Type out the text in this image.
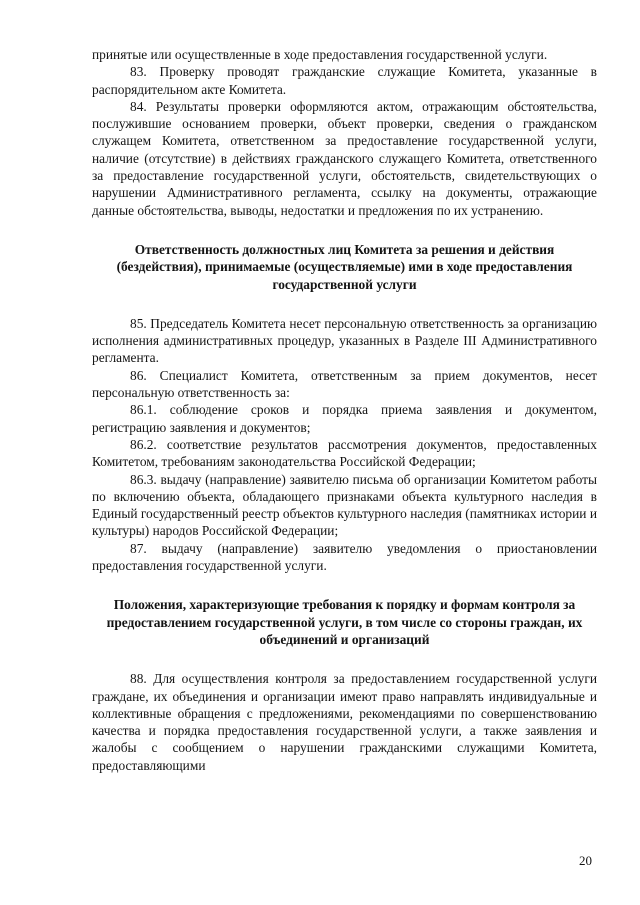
принятые или осуществленные в ходе предоставления государственной услуги.

83. Проверку проводят гражданские служащие Комитета, указанные в распорядительном акте Комитета.

84. Результаты проверки оформляются актом, отражающим обстоятельства, послужившие основанием проверки, объект проверки, сведения о гражданском служащем Комитета, ответственном за предоставление государственной услуги, наличие (отсутствие) в действиях гражданского служащего Комитета, ответственного за предоставление государственной услуги, обстоятельств, свидетельствующих о нарушении Административного регламента, ссылку на документы, отражающие данные обстоятельства, выводы, недостатки и предложения по их устранению.

Ответственность должностных лиц Комитета за решения и действия (бездействия), принимаемые (осуществляемые) ими в ходе предоставления государственной услуги

85. Председатель Комитета несет персональную ответственность за организацию исполнения административных процедур, указанных в Разделе III Административного регламента.

86. Специалист Комитета, ответственным за прием документов, несет персональную ответственность за:

86.1. соблюдение сроков и порядка приема заявления и документом, регистрацию заявления и документов;

86.2. соответствие результатов рассмотрения документов, предоставленных Комитетом, требованиям законодательства Российской Федерации;

86.3. выдачу (направление) заявителю письма об организации Комитетом работы по включению объекта, обладающего признаками объекта культурного наследия в Единый государственный реестр объектов культурного наследия (памятниках истории и культуры) народов Российской Федерации;

87. выдачу (направление) заявителю уведомления о приостановлении предоставления государственной услуги.

Положения, характеризующие требования к порядку и формам контроля за предоставлением государственной услуги, в том числе со стороны граждан, их объединений и организаций

88. Для осуществления контроля за предоставлением государственной услуги граждане, их объединения и организации имеют право направлять индивидуальные и коллективные обращения с предложениями, рекомендациями по совершенствованию качества и порядка предоставления государственной услуги, а также заявления и жалобы с сообщением о нарушении гражданскими служащими Комитета, предоставляющими

20
